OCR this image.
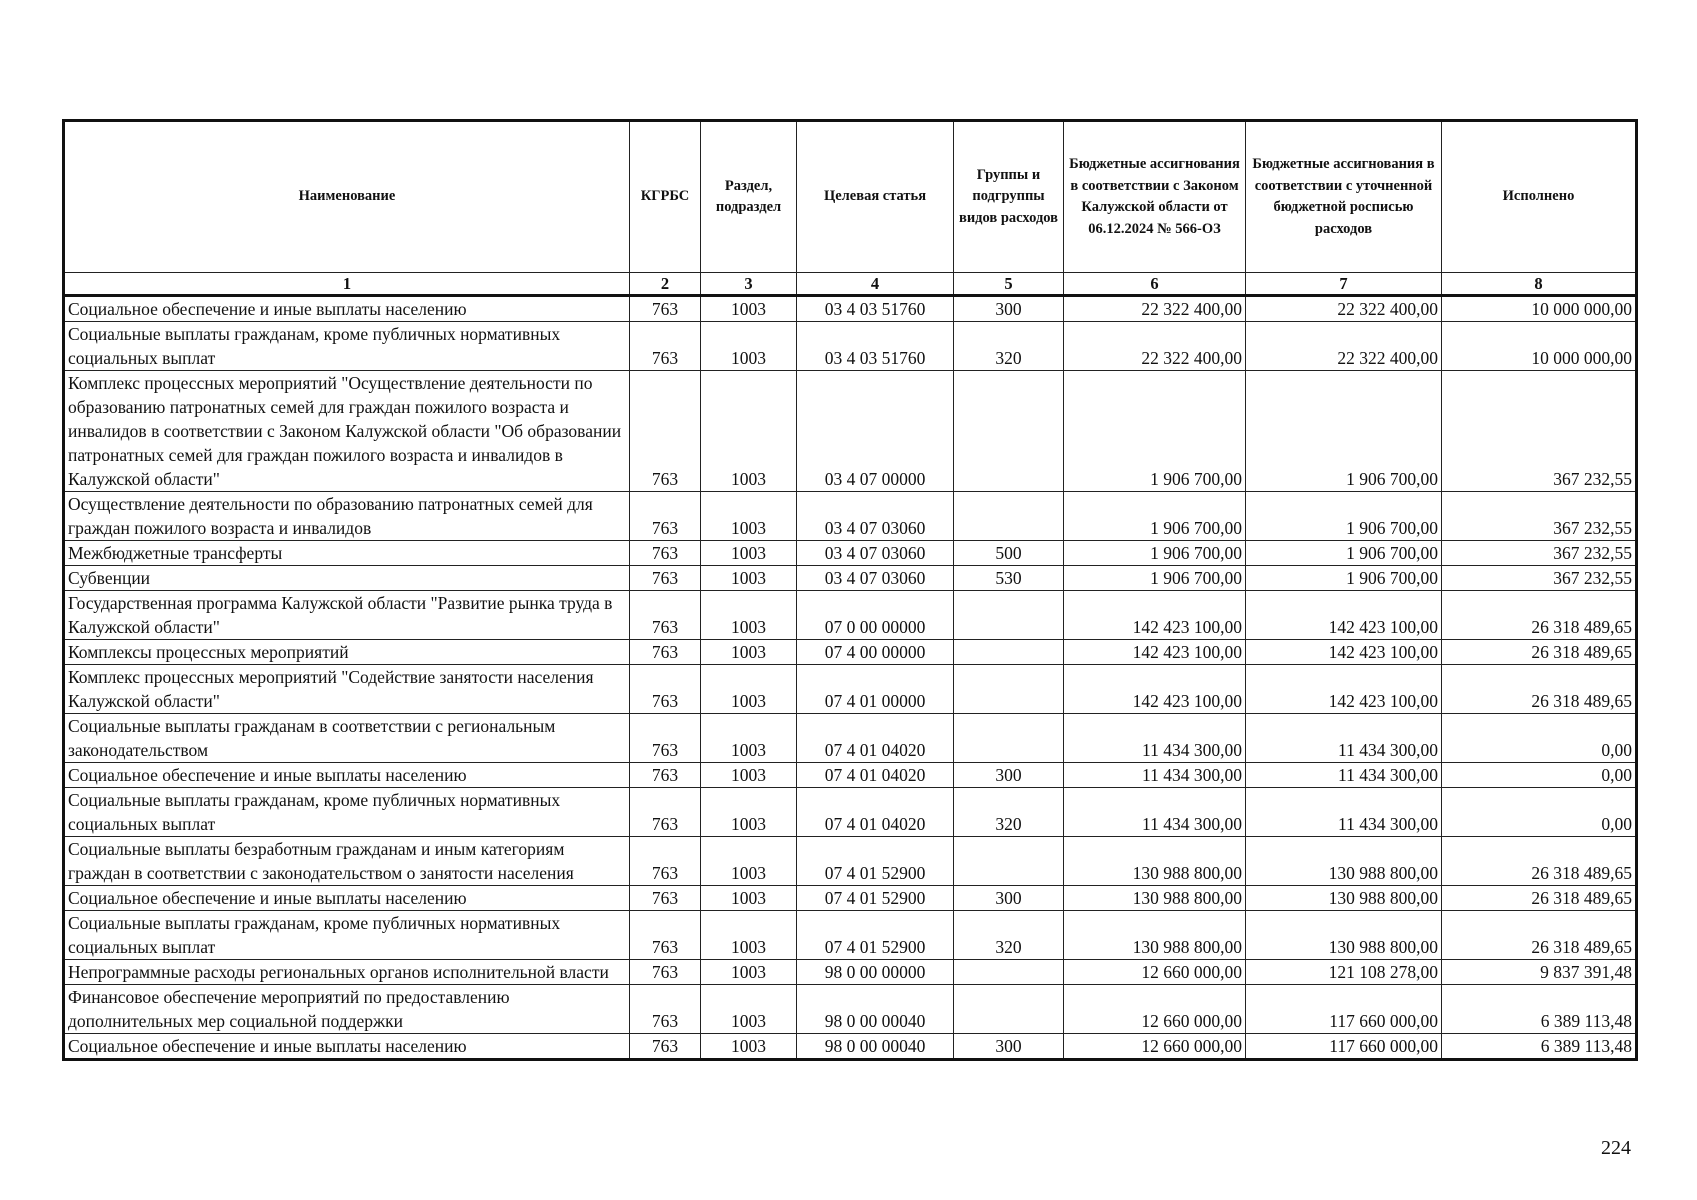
Наименование	КГРБС	Раздел, подраздел	Целевая статья	Группы и подгруппы видов расходов	Бюджетные ассигнования в соответствии с Законом Калужской области от 06.12.2024 № 566-ОЗ	Бюджетные ассигнования в соответствии с уточненной бюджетной росписью расходов	Исполнено
1	2	3	4	5	6	7	8
Социальное обеспечение и иные выплаты населению	763	1003	03 4 03 51760	300	22 322 400,00	22 322 400,00	10 000 000,00
Социальные выплаты гражданам, кроме публичных нормативных социальных выплат	763	1003	03 4 03 51760	320	22 322 400,00	22 322 400,00	10 000 000,00
Комплекс процессных мероприятий "Осуществление деятельности по образованию патронатных семей для граждан пожилого возраста и инвалидов в соответствии с Законом Калужской области "Об образовании патронатных семей для граждан пожилого возраста и инвалидов в Калужской области"	763	1003	03 4 07 00000		1 906 700,00	1 906 700,00	367 232,55
Осуществление деятельности по образованию патронатных семей для граждан пожилого возраста и инвалидов	763	1003	03 4 07 03060		1 906 700,00	1 906 700,00	367 232,55
Межбюджетные трансферты	763	1003	03 4 07 03060	500	1 906 700,00	1 906 700,00	367 232,55
Субвенции	763	1003	03 4 07 03060	530	1 906 700,00	1 906 700,00	367 232,55
Государственная программа Калужской области "Развитие рынка труда в Калужской области"	763	1003	07 0 00 00000		142 423 100,00	142 423 100,00	26 318 489,65
Комплексы процессных мероприятий	763	1003	07 4 00 00000		142 423 100,00	142 423 100,00	26 318 489,65
Комплекс процессных мероприятий "Содействие занятости населения Калужской области"	763	1003	07 4 01 00000		142 423 100,00	142 423 100,00	26 318 489,65
Социальные выплаты гражданам в соответствии с региональным законодательством	763	1003	07 4 01 04020		11 434 300,00	11 434 300,00	0,00
Социальное обеспечение и иные выплаты населению	763	1003	07 4 01 04020	300	11 434 300,00	11 434 300,00	0,00
Социальные выплаты гражданам, кроме публичных нормативных социальных выплат	763	1003	07 4 01 04020	320	11 434 300,00	11 434 300,00	0,00
Социальные выплаты безработным гражданам и иным категориям граждан в соответствии с законодательством о занятости населения	763	1003	07 4 01 52900		130 988 800,00	130 988 800,00	26 318 489,65
Социальное обеспечение и иные выплаты населению	763	1003	07 4 01 52900	300	130 988 800,00	130 988 800,00	26 318 489,65
Социальные выплаты гражданам, кроме публичных нормативных социальных выплат	763	1003	07 4 01 52900	320	130 988 800,00	130 988 800,00	26 318 489,65
Непрограммные расходы региональных органов исполнительной власти	763	1003	98 0 00 00000		12 660 000,00	121 108 278,00	9 837 391,48
Финансовое обеспечение мероприятий по предоставлению дополнительных мер социальной поддержки	763	1003	98 0 00 00040		12 660 000,00	117 660 000,00	6 389 113,48
Социальное обеспечение и иные выплаты населению	763	1003	98 0 00 00040	300	12 660 000,00	117 660 000,00	6 389 113,48
224
